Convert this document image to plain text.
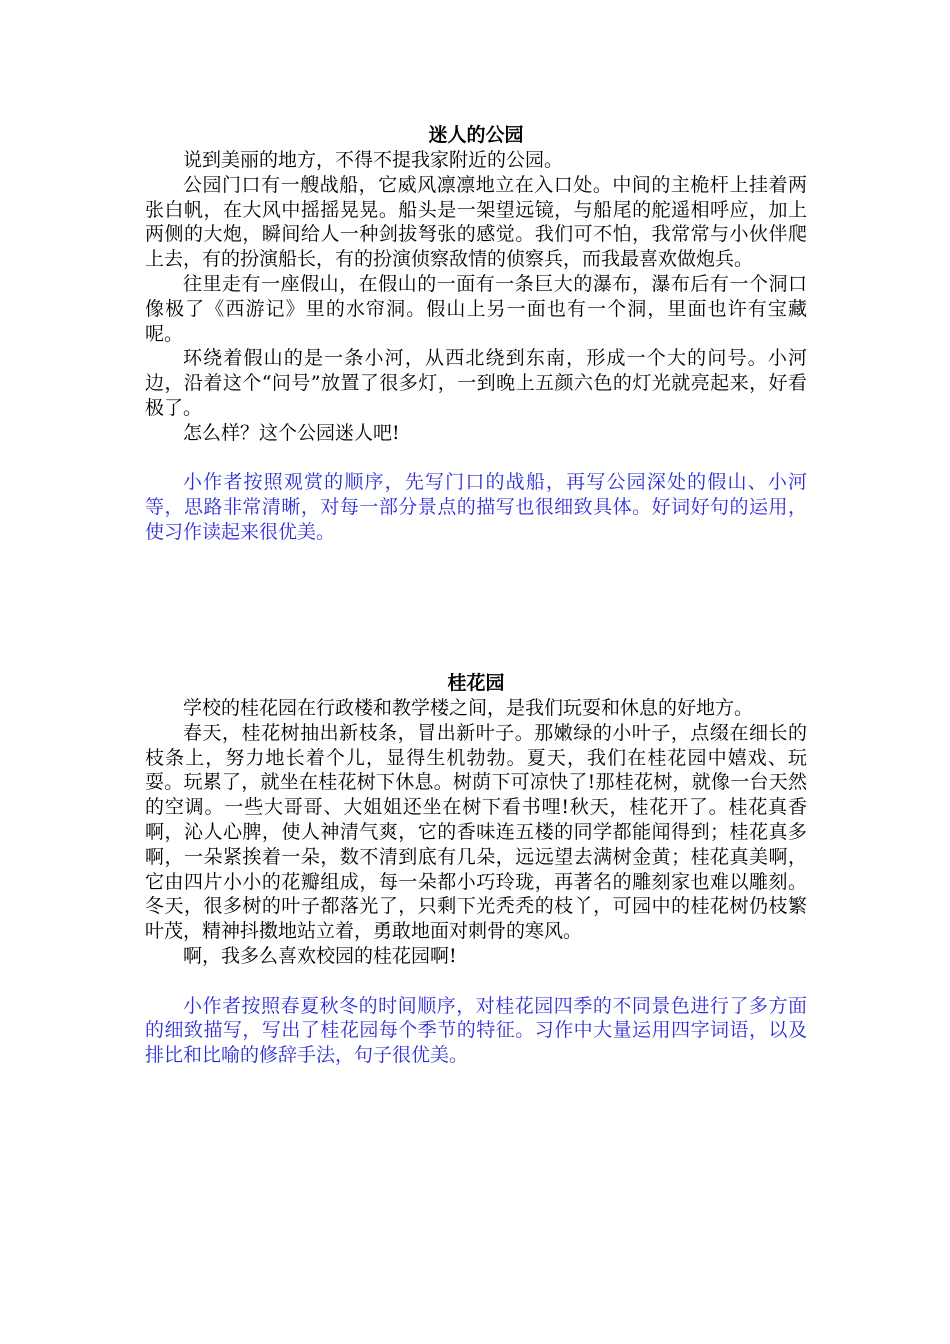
迷人的公园

说到美丽的地方，不得不提我家附近的公园。

公园门口有一艘战船，它威风凛凛地立在入口处。中间的主桅杆上挂着两张白帆，在大风中摇摇晃晃。船头是一架望远镜，与船尾的舵遥相呼应，加上两侧的大炮，瞬间给人一种剑拔弩张的感觉。我们可不怕，我常常与小伙伴爬上去，有的扮演船长，有的扮演侦察敌情的侦察兵，而我最喜欢做炮兵。

往里走有一座假山，在假山的一面有一条巨大的瀑布，瀑布后有一个洞口像极了《西游记》里的水帘洞。假山上另一面也有一个洞，里面也许有宝藏呢。

环绕着假山的是一条小河，从西北绕到东南，形成一个大的问号。小河边，沿着这个“问号”放置了很多灯，一到晚上五颜六色的灯光就亮起来，好看极了。

怎么样？这个公园迷人吧!

小作者按照观赏的顺序，先写门口的战船，再写公园深处的假山、小河等，思路非常清晰，对每一部分景点的描写也很细致具体。好词好句的运用，使习作读起来很优美。

桂花园

学校的桂花园在行政楼和教学楼之间，是我们玩耍和休息的好地方。

春天，桂花树抽出新枝条，冒出新叶子。那嫩绿的小叶子，点缀在细长的枝条上，努力地长着个儿，显得生机勃勃。夏天，我们在桂花园中嬉戏、玩耍。玩累了，就坐在桂花树下休息。树荫下可凉快了!那桂花树，就像一台天然的空调。一些大哥哥、大姐姐还坐在树下看书哩!秋天，桂花开了。桂花真香啊，沁人心脾，使人神清气爽，它的香味连五楼的同学都能闻得到；桂花真多啊，一朵紧挨着一朵，数不清到底有几朵，远远望去满树金黄；桂花真美啊，它由四片小小的花瓣组成，每一朵都小巧玲珑，再著名的雕刻家也难以雕刻。冬天，很多树的叶子都落光了，只剩下光秃秃的枝丫，可园中的桂花树仍枝繁叶茂，精神抖擞地站立着，勇敢地面对刺骨的寒风。

啊，我多么喜欢校园的桂花园啊!

小作者按照春夏秋冬的时间顺序，对桂花园四季的不同景色进行了多方面的细致描写，写出了桂花园每个季节的特征。习作中大量运用四字词语，以及排比和比喻的修辞手法，句子很优美。
